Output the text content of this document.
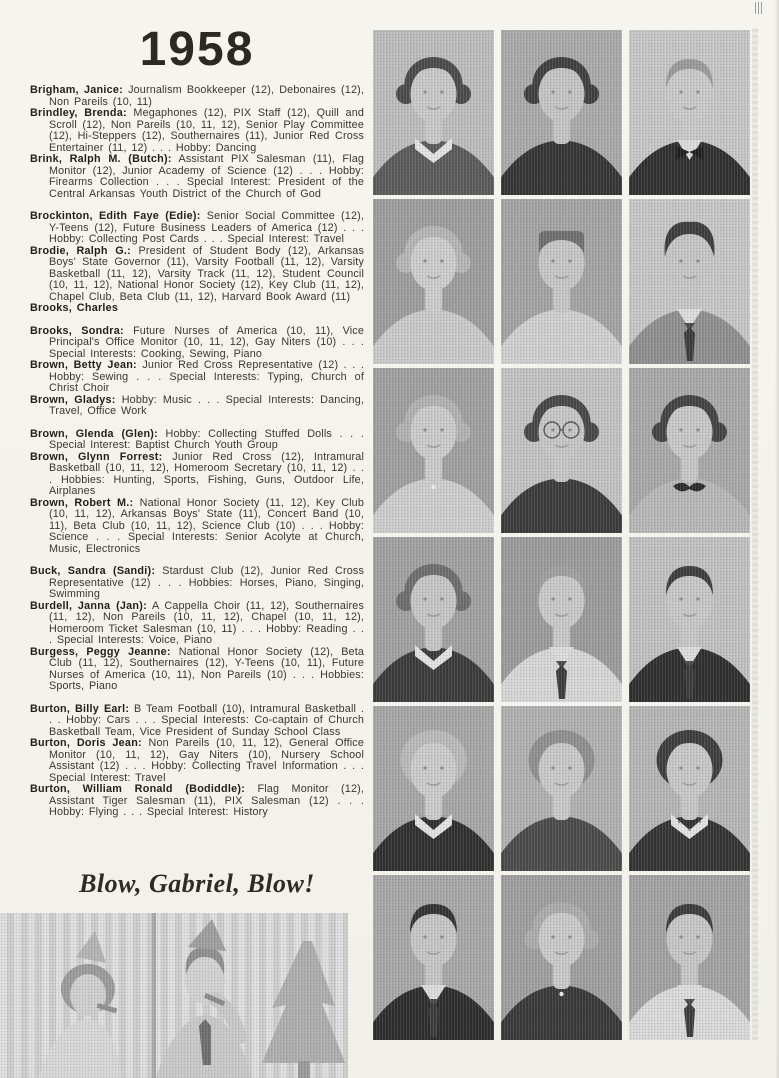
1958

Brigham, Janice: Journalism Bookkeeper (12), Debonaires (12), Non Pareils (10, 11)

Brindley, Brenda: Megaphones (12), PIX Staff (12), Quill and Scroll (12), Non Pareils (10, 11, 12), Senior Play Committee (12), Hi-Steppers (12), Southernaires (11), Junior Red Cross Entertainer (11, 12) . . . Hobby: Dancing

Brink, Ralph M. (Butch): Assistant PIX Salesman (11), Flag Monitor (12), Junior Academy of Science (12) . . . Hobby: Firearms Collection . . . Special Interest: President of the Central Arkansas Youth District of the Church of God

Brockinton, Edith Faye (Edie): Senior Social Committee (12), Y-Teens (12), Future Business Leaders of America (12) . . . Hobby: Collecting Post Cards . . . Special Interest: Travel

Brodie, Ralph G.: President of Student Body (12), Arkansas Boys' State Governor (11), Varsity Football (11, 12), Varsity Basketball (11, 12), Varsity Track (11, 12), Student Council (10, 11, 12), National Honor Society (12), Key Club (11, 12), Chapel Club, Beta Club (11, 12), Harvard Book Award (11)

Brooks, Charles

Brooks, Sondra: Future Nurses of America (10, 11), Vice Principal's Office Monitor (10, 11, 12), Gay Niters (10) . . . Special Interests: Cooking, Sewing, Piano

Brown, Betty Jean: Junior Red Cross Representative (12) . . . Hobby: Sewing . . . Special Interests: Typing, Church of Christ Choir

Brown, Gladys: Hobby: Music . . . Special Interests: Dancing, Travel, Office Work

Brown, Glenda (Glen): Hobby: Collecting Stuffed Dolls . . . Special Interest: Baptist Church Youth Group

Brown, Glynn Forrest: Junior Red Cross (12), Intramural Basketball (10, 11, 12), Homeroom Secretary (10, 11, 12) . . . Hobbies: Hunting, Sports, Fishing, Guns, Outdoor Life, Airplanes

Brown, Robert M.: National Honor Society (11, 12), Key Club (10, 11, 12), Arkansas Boys' State (11), Concert Band (10, 11), Beta Club (10, 11, 12), Science Club (10) . . . Hobby: Science . . . Special Interests: Senior Acolyte at Church, Music, Electronics

Buck, Sandra (Sandi): Stardust Club (12), Junior Red Cross Representative (12) . . . Hobbies: Horses, Piano, Singing, Swimming

Burdell, Janna (Jan): A Cappella Choir (11, 12), Southernaires (11, 12), Non Pareils (10, 11, 12), Chapel (10, 11, 12), Homeroom Ticket Salesman (10, 11) . . . Hobby: Reading . . . Special Interests: Voice, Piano

Burgess, Peggy Jeanne: National Honor Society (12), Beta Club (11, 12), Southernaires (12), Y-Teens (10, 11), Future Nurses of America (10, 11), Non Pareils (10) . . . Hobbies: Sports, Piano

Burton, Billy Earl: B Team Football (10), Intramural Basketball . . . Hobby: Cars . . . Special Interests: Co-captain of Church Basketball Team, Vice President of Sunday School Class

Burton, Doris Jean: Non Pareils (10, 11, 12), General Office Monitor (10, 11, 12), Gay Niters (10), Nursery School Assistant (12) . . . Hobby: Collecting Travel Information . . . Special Interest: Travel

Burton, William Ronald (Bodiddle): Flag Monitor (12), Assistant Tiger Salesman (11), PIX Salesman (12) . . . Hobby: Flying . . . Special Interest: History

Blow, Gabriel, Blow!
